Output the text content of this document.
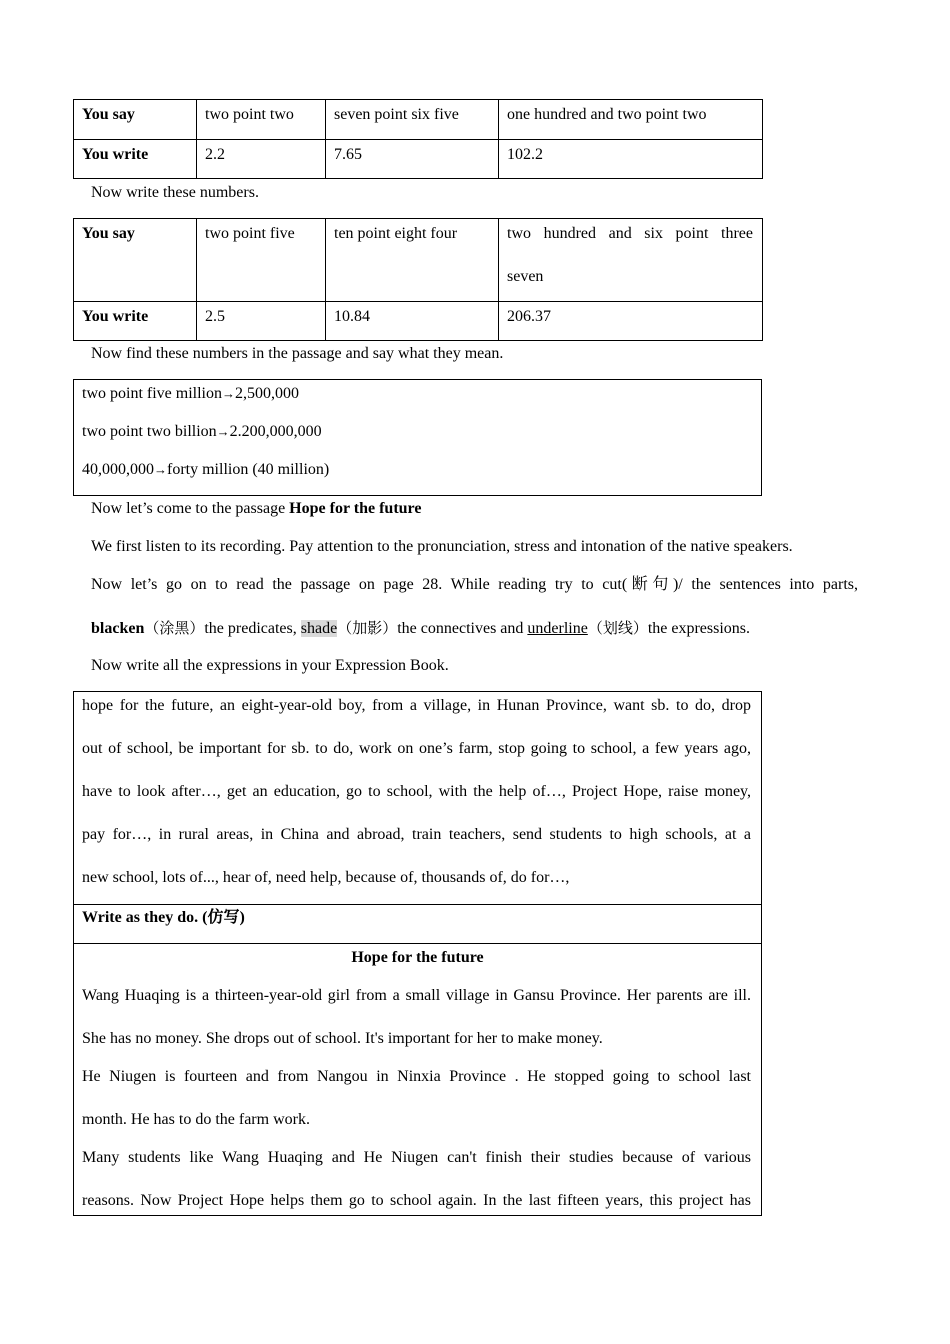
You say	two point two	seven point six five	one hundred and two point two
You write	2.2	7.65	102.2
Now write these numbers.
You say	two point five	ten point eight four	two hundred and six point three
seven

You write	2.5	10.84	206.37
Now find these numbers in the passage and say what they mean.
two point five million→2,500,000
two point two billion→2.200,000,000
40,000,000→forty million (40 million)
Now let’s come to the passage Hope for the future
We first listen to its recording. Pay attention to the pronunciation, stress and intonation of the native speakers.
Now let’s go on to read the passage on page 28. While reading try to cut(断句)/ the sentences into parts,
blacken（涂黑）the predicates, shade（加影）the connectives and underline（划线）the expressions.
Now write all the expressions in your Expression Book.
hope for the future, an eight-year-old boy, from a village, in Hunan Province, want sb. to do, drop
out of school, be important for sb. to do, work on one’s farm, stop going to school, a few years ago,
have to look after…, get an education, go to school, with the help of…, Project Hope, raise money,
pay for…, in rural areas, in China and abroad, train teachers, send students to high schools, at a
new school, lots of..., hear of, need help, because of, thousands of, do for…,
Write as they do. (仿写)
Hope for the future
Wang Huaqing is a thirteen-year-old girl from a small village in Gansu Province. Her parents are ill.
She has no money. She drops out of school. It's important for her to make money.
He Niugen is fourteen and from Nangou in Ninxia Province . He stopped going to school last
month. He has to do the farm work.
Many students like Wang Huaqing and He Niugen can't finish their studies because of various
reasons. Now Project Hope helps them go to school again. In the last fifteen years, this project has
